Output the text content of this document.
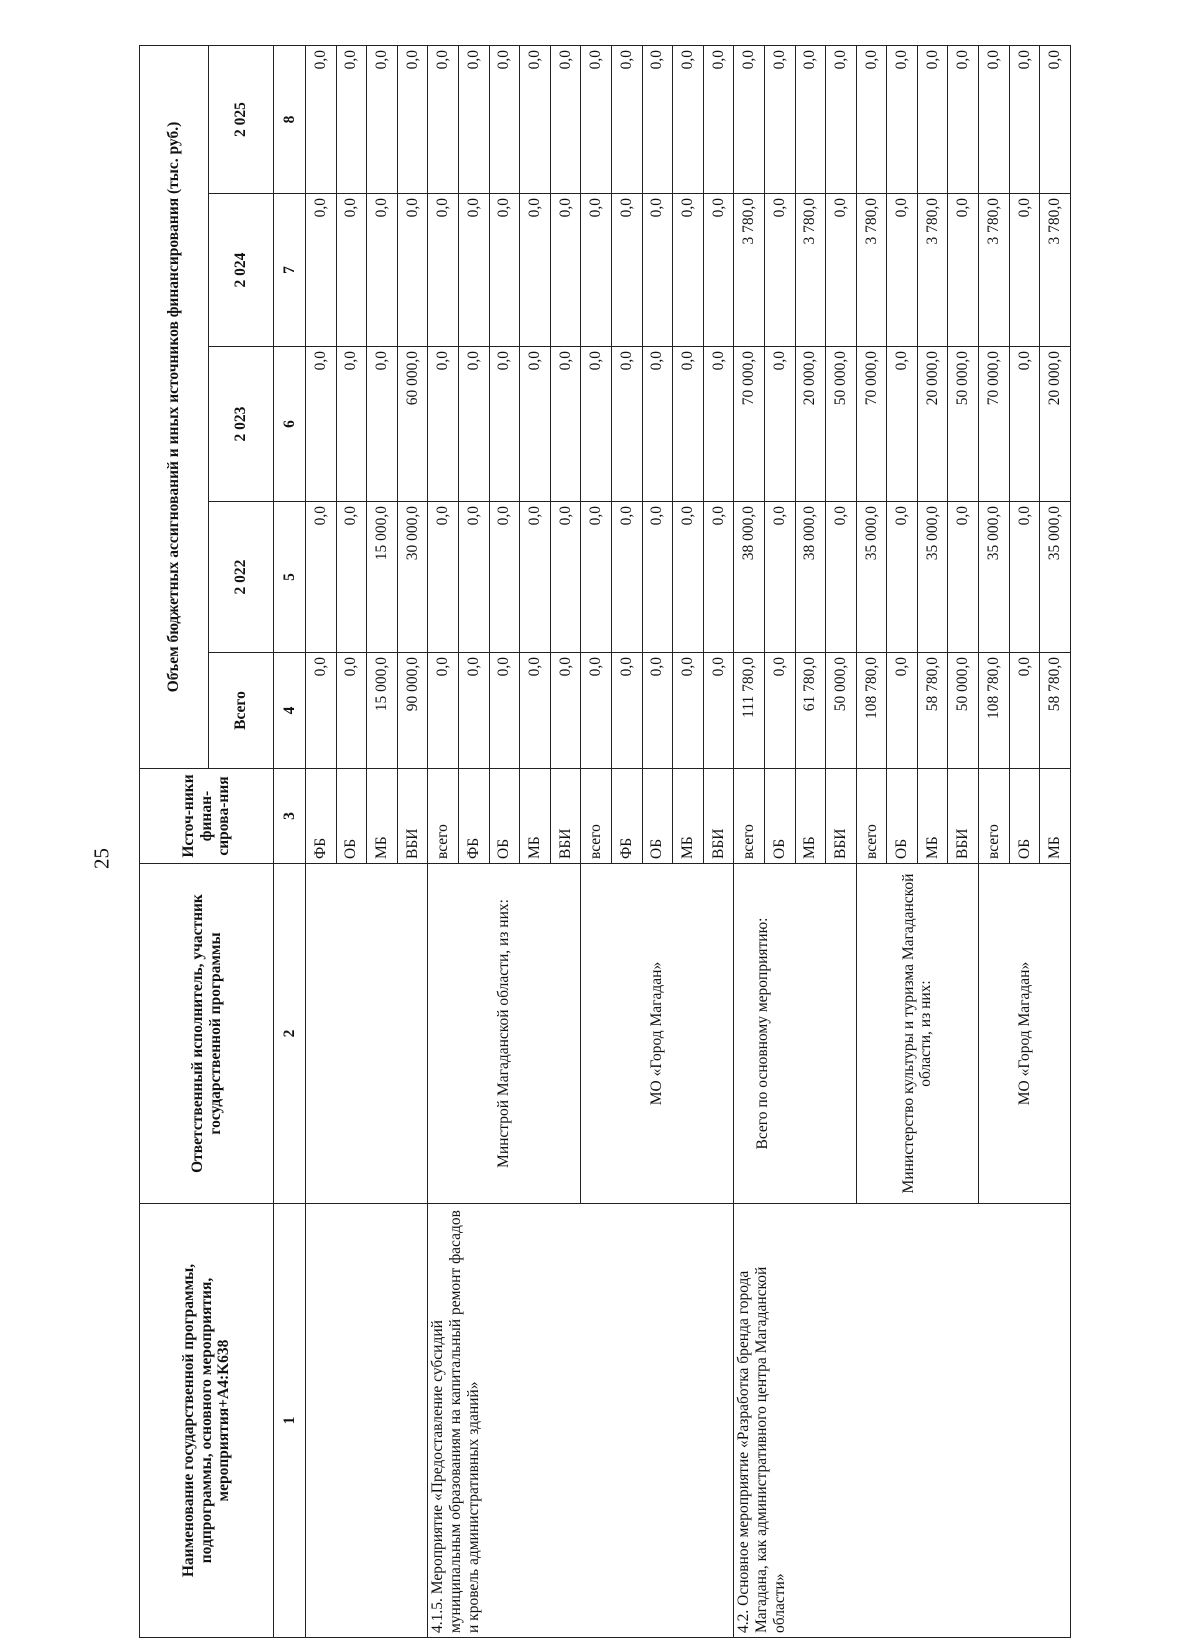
25
Наименование государственной программы, подпрограммы, основного мероприятия, мероприятия+A4:K638	Ответственный исполнитель, участник государственной программы	Источ-ники финан-сирова-ния	Объем бюджетных ассигнований и иных источников финансирования (тыс. руб.)				
			Всего	2 022	2 023	2 024	2 025
1	2	3	4	5	6	7	8
		ФБ	0,0	0,0	0,0	0,0	0,0
		ОБ	0,0	0,0	0,0	0,0	0,0
		МБ	15 000,0	15 000,0	0,0	0,0	0,0
		ВБИ	90 000,0	30 000,0	60 000,0	0,0	0,0
4.1.5. Мероприятие «Предоставление субсидий муниципальным образованиям на капитальный ремонт фасадов и кровель административных зданий»	Минстрой Магаданской области, из них:	всего	0,0	0,0	0,0	0,0	0,0
		ФБ	0,0	0,0	0,0	0,0	0,0
		ОБ	0,0	0,0	0,0	0,0	0,0
		МБ	0,0	0,0	0,0	0,0	0,0
		ВБИ	0,0	0,0	0,0	0,0	0,0
	МО «Город Магадан»	всего	0,0	0,0	0,0	0,0	0,0
		ФБ	0,0	0,0	0,0	0,0	0,0
		ОБ	0,0	0,0	0,0	0,0	0,0
		МБ	0,0	0,0	0,0	0,0	0,0
		ВБИ	0,0	0,0	0,0	0,0	0,0
4.2. Основное мероприятие «Разработка бренда города Магадана, как административного центра Магаданской области»	Всего по основному мероприятию:	всего	111 780,0	38 000,0	70 000,0	3 780,0	0,0
		ОБ	0,0	0,0	0,0	0,0	0,0
		МБ	61 780,0	38 000,0	20 000,0	3 780,0	0,0
		ВБИ	50 000,0	0,0	50 000,0	0,0	0,0
	Министерство культуры и туризма Магаданской области, из них:	всего	108 780,0	35 000,0	70 000,0	3 780,0	0,0
		ОБ	0,0	0,0	0,0	0,0	0,0
		МБ	58 780,0	35 000,0	20 000,0	3 780,0	0,0
		ВБИ	50 000,0	0,0	50 000,0	0,0	0,0
	МО «Город Магадан»	всего	108 780,0	35 000,0	70 000,0	3 780,0	0,0
		ОБ	0,0	0,0	0,0	0,0	0,0
		МБ	58 780,0	35 000,0	20 000,0	3 780,0	0,0
